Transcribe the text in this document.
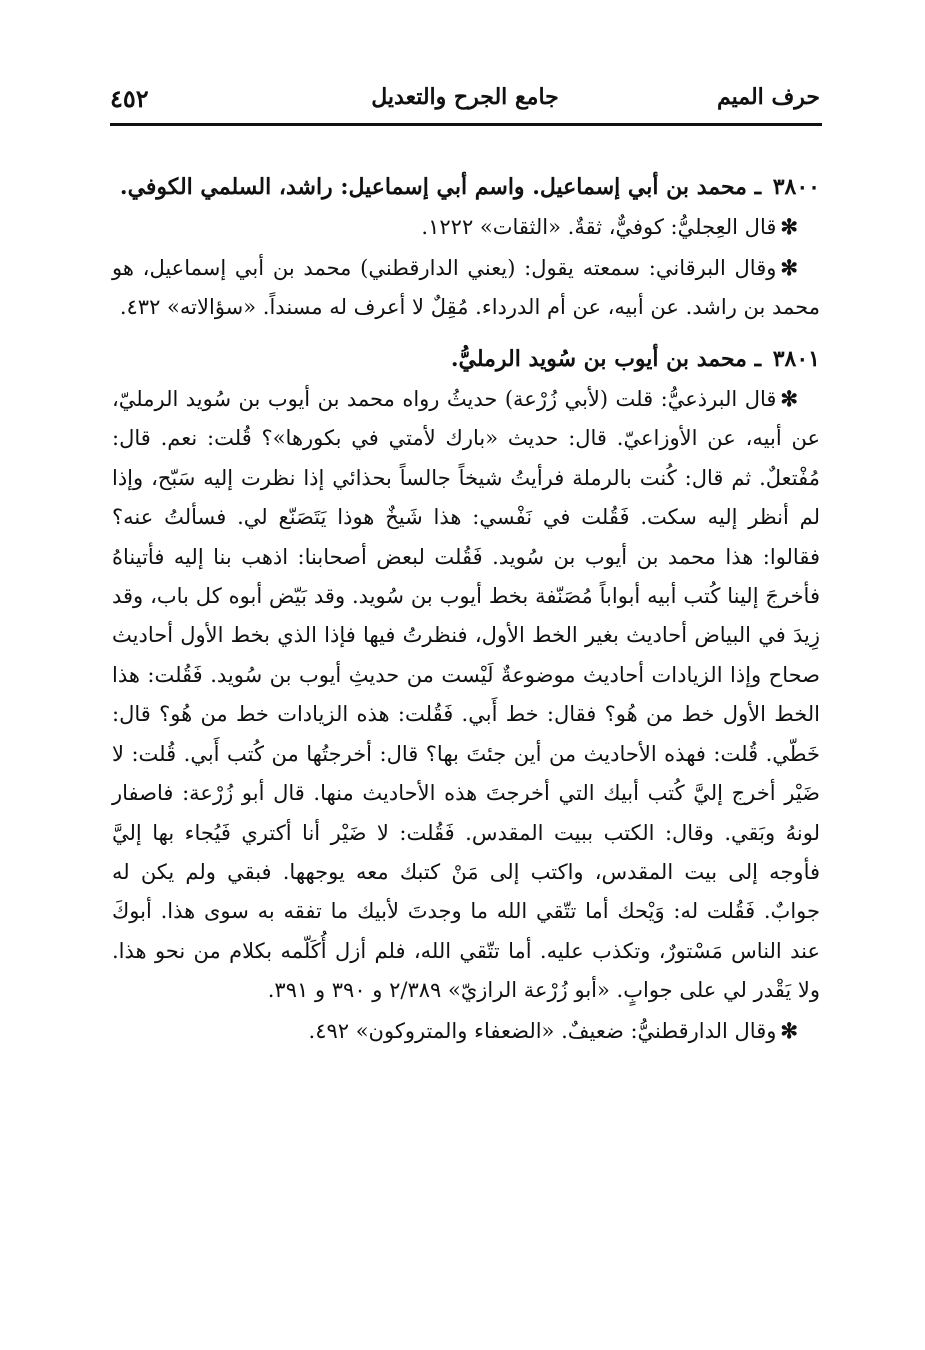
حرف الميم
جامع الجرح والتعديل
٤٥٢

٣٨٠٠ ـ محمد بن أبي إسماعيل. واسم أبي إسماعيل: راشد، السلمي الكوفي.

✻قال العِجليُّ: كوفيٌّ، ثقةٌ. «الثقات» ١٢٢٢.

✻وقال البرقاني: سمعته يقول: (يعني الدارقطني) محمد بن أبي إسماعيل، هو محمد بن راشد. عن أبيه، عن أم الدرداء. مُقِلٌ لا أعرف له مسنداً. «سؤالاته» ٤٣٢.

٣٨٠١ ـ محمد بن أيوب بن سُويد الرمليُّ.

✻قال البرذعيُّ: قلت (لأبي زُرْعة) حديثُ رواه محمد بن أيوب بن سُويد الرمليّ، عن أبيه، عن الأوزاعيّ. قال: حديث «بارك لأمتي في بكورها»؟ قُلت: نعم. قال: مُفْتعلٌ. ثم قال: كُنت بالرملة فرأيتُ شيخاً جالساً بحذائي إذا نظرت إليه سَبّح، وإذا لم أنظر إليه سكت. فَقُلت في نَفْسي: هذا شَيخٌ هوذا يَتَصَنّع لي. فسألتُ عنه؟ فقالوا: هذا محمد بن أيوب بن سُويد. فَقُلت لبعض أصحابنا: اذهب بنا إليه فأتيناهُ فأخرجَ إلينا كُتب أبيه أبواباً مُصَنّفة بخط أيوب بن سُويد. وقد بَيّض أبوه كل باب، وقد زِيدَ في البياض أحاديث بغير الخط الأول، فنظرتُ فيها فإذا الذي بخط الأول أحاديث صحاح وإذا الزيادات أحاديث موضوعةٌ لَيْست من حديثِ أيوب بن سُويد. فَقُلت: هذا الخط الأول خط من هُو؟ فقال: خط أَبي. فَقُلت: هذه الزيادات خط من هُو؟ قال: خَطّي. قُلت: فهذه الأحاديث من أين جئتَ بها؟ قال: أخرجتُها من كُتب أَبي. قُلت: لا ضَيْر أخرج إليَّ كُتب أبيك التي أخرجتَ هذه الأحاديث منها. قال أبو زُرْعة: فاصفار لونهُ وبَقي. وقال: الكتب ببيت المقدس. فَقُلت: لا ضَيْر أنا أكتري فَيُجاء بها إليَّ فأوجه إلى بيت المقدس، واكتب إلى مَنْ كتبك معه يوجهها. فبقي ولم يكن له جوابٌ. فَقُلت له: وَيْحك أما تتّقي الله ما وجدتَ لأبيك ما تفقه به سوى هذا. أبوكَ عند الناس مَسْتورٌ، وتكذب عليه. أما تتّقي الله، فلم أزل أُكَلّمه بكلام من نحو هذا. ولا يَقْدر لي على جوابٍ. «أبو زُرْعة الرازيّ» ٢/٣٨٩ و ٣٩٠ و ٣٩١.

✻وقال الدارقطنيُّ: ضعيفٌ. «الضعفاء والمتروكون» ٤٩٢.
